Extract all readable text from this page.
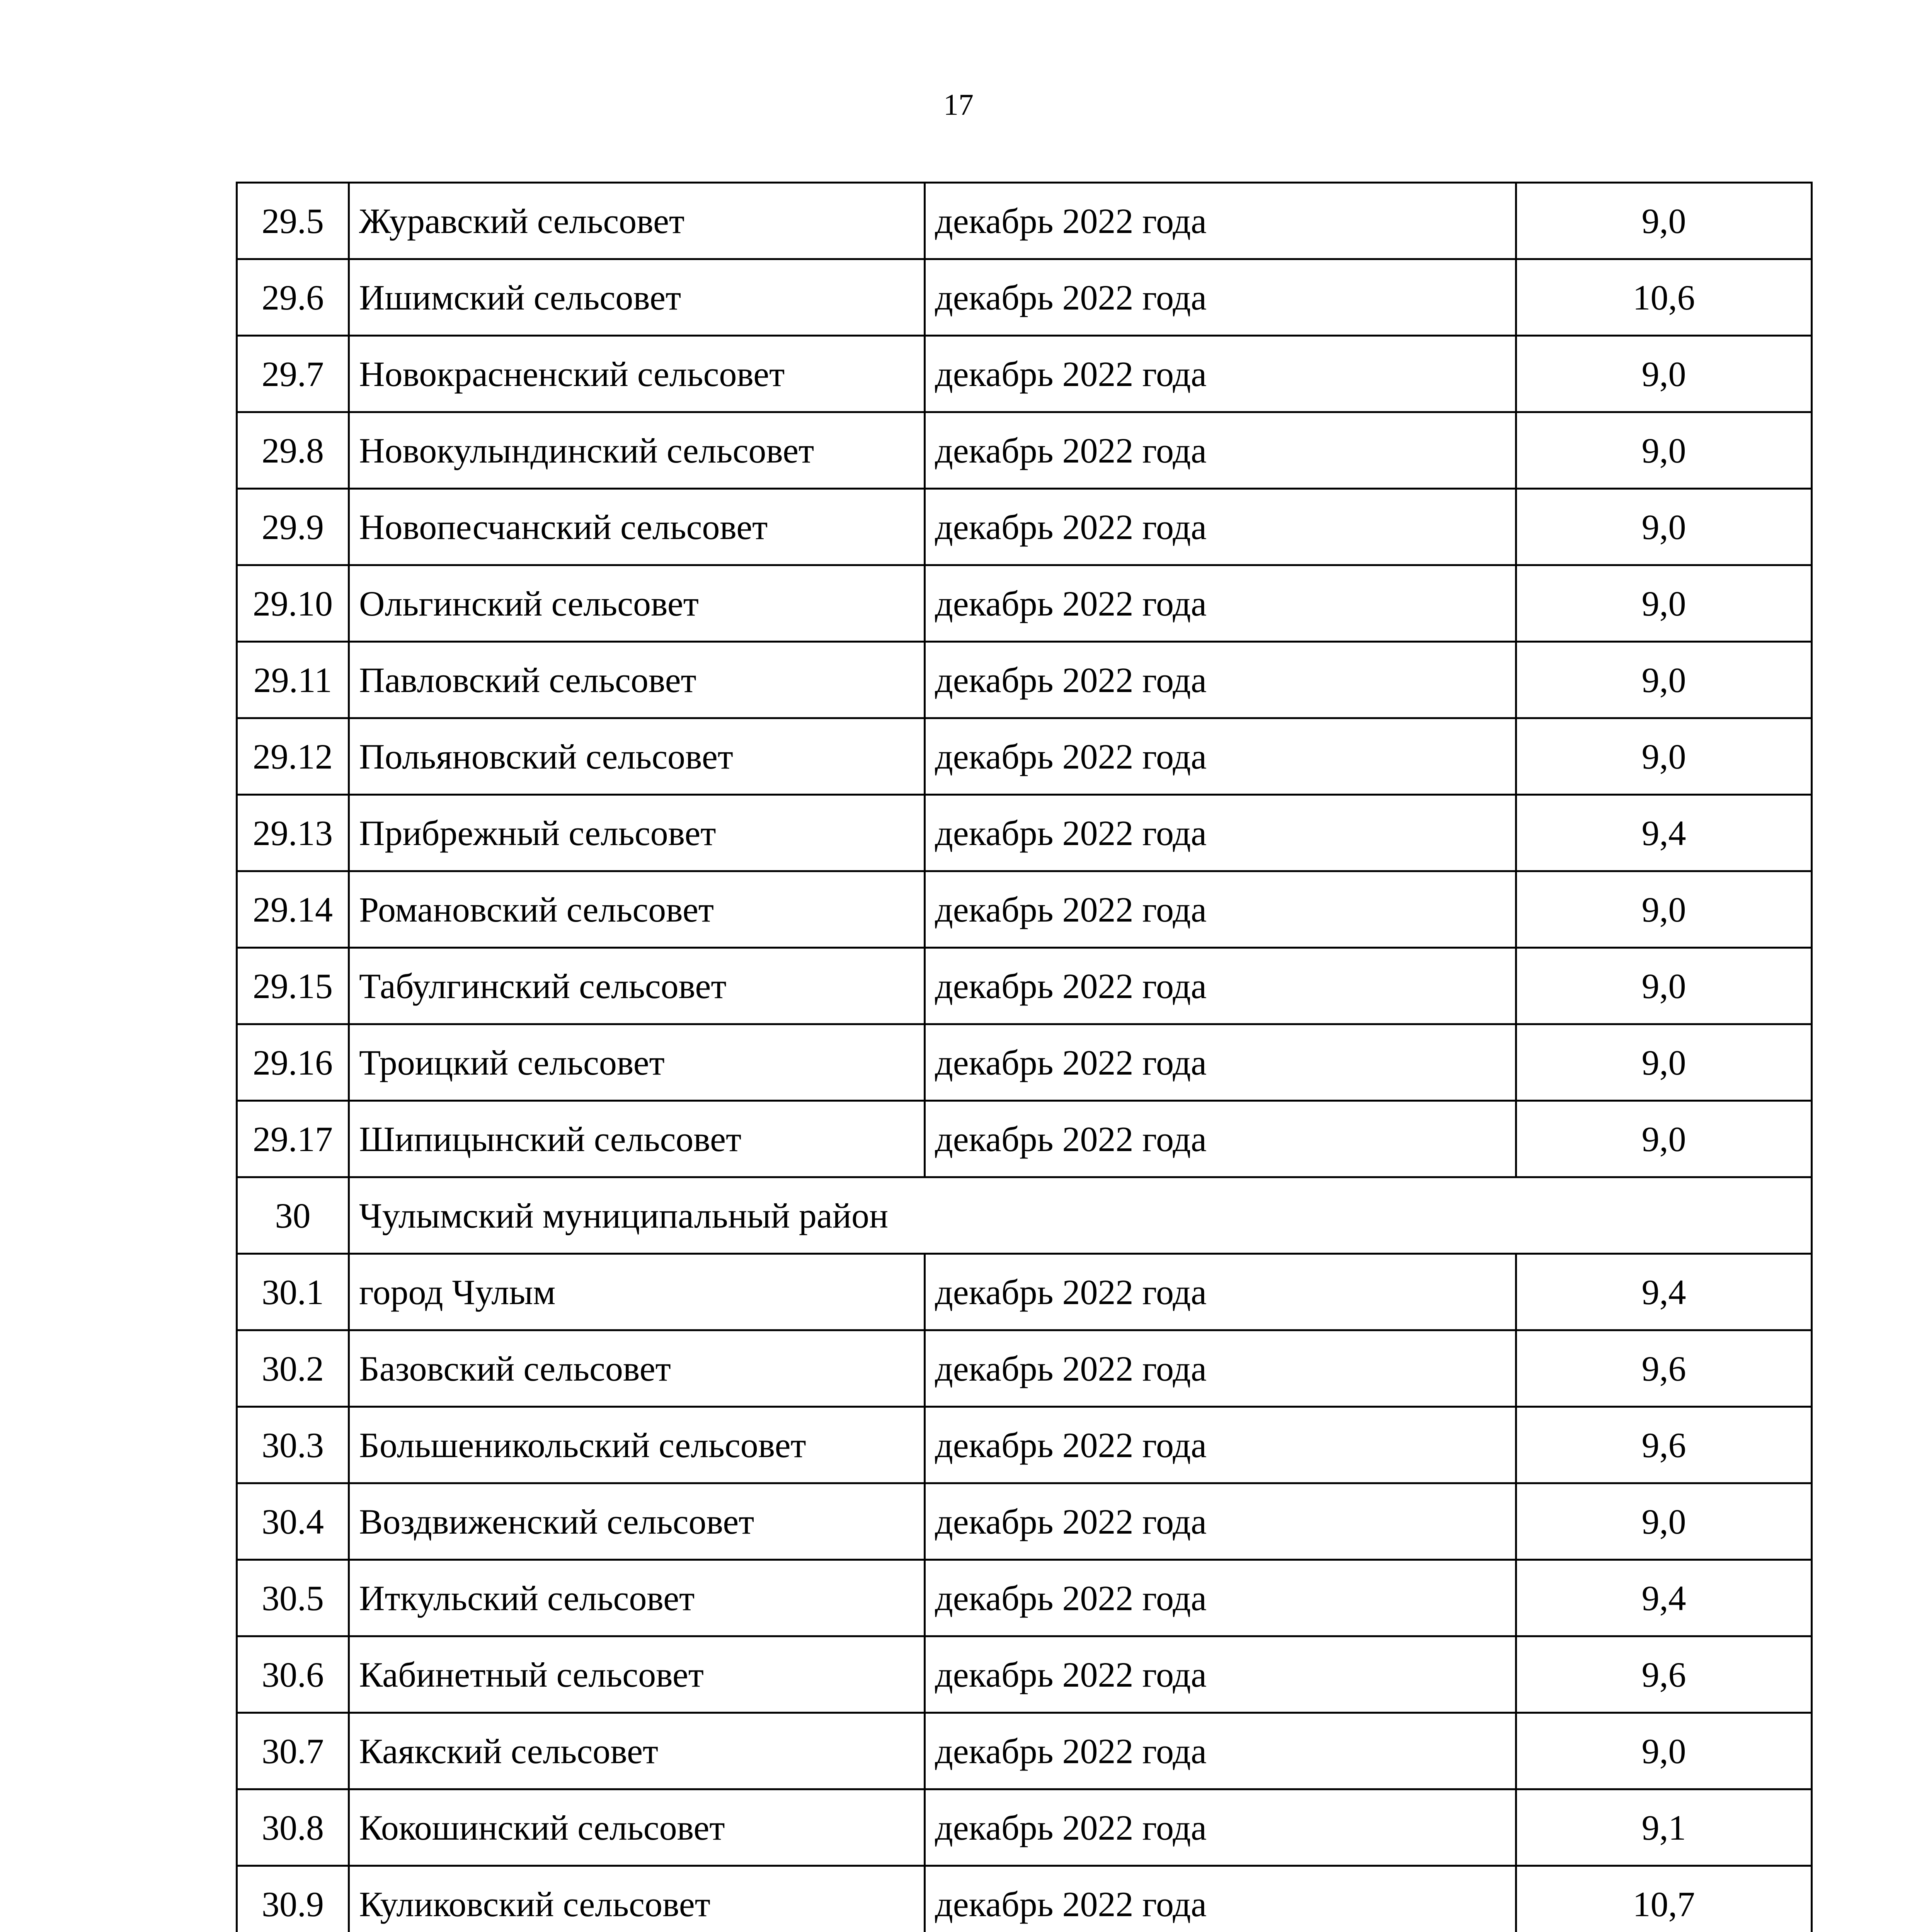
17
29.5	Журавский сельсовет	декабрь 2022 года	9,0
29.6	Ишимский сельсовет	декабрь 2022 года	10,6
29.7	Новокрасненский сельсовет	декабрь 2022 года	9,0
29.8	Новокулындинский сельсовет	декабрь 2022 года	9,0
29.9	Новопесчанский сельсовет	декабрь 2022 года	9,0
29.10	Ольгинский сельсовет	декабрь 2022 года	9,0
29.11	Павловский сельсовет	декабрь 2022 года	9,0
29.12	Польяновский сельсовет	декабрь 2022 года	9,0
29.13	Прибрежный сельсовет	декабрь 2022 года	9,4
29.14	Романовский сельсовет	декабрь 2022 года	9,0
29.15	Табулгинский сельсовет	декабрь 2022 года	9,0
29.16	Троицкий сельсовет	декабрь 2022 года	9,0
29.17	Шипицынский сельсовет	декабрь 2022 года	9,0
30	Чулымский муниципальный район		
30.1	город Чулым	декабрь 2022 года	9,4
30.2	Базовский сельсовет	декабрь 2022 года	9,6
30.3	Большеникольский сельсовет	декабрь 2022 года	9,6
30.4	Воздвиженский сельсовет	декабрь 2022 года	9,0
30.5	Иткульский сельсовет	декабрь 2022 года	9,4
30.6	Кабинетный сельсовет	декабрь 2022 года	9,6
30.7	Каякский сельсовет	декабрь 2022 года	9,0
30.8	Кокошинский сельсовет	декабрь 2022 года	9,1
30.9	Куликовский сельсовет	декабрь 2022 года	10,7
